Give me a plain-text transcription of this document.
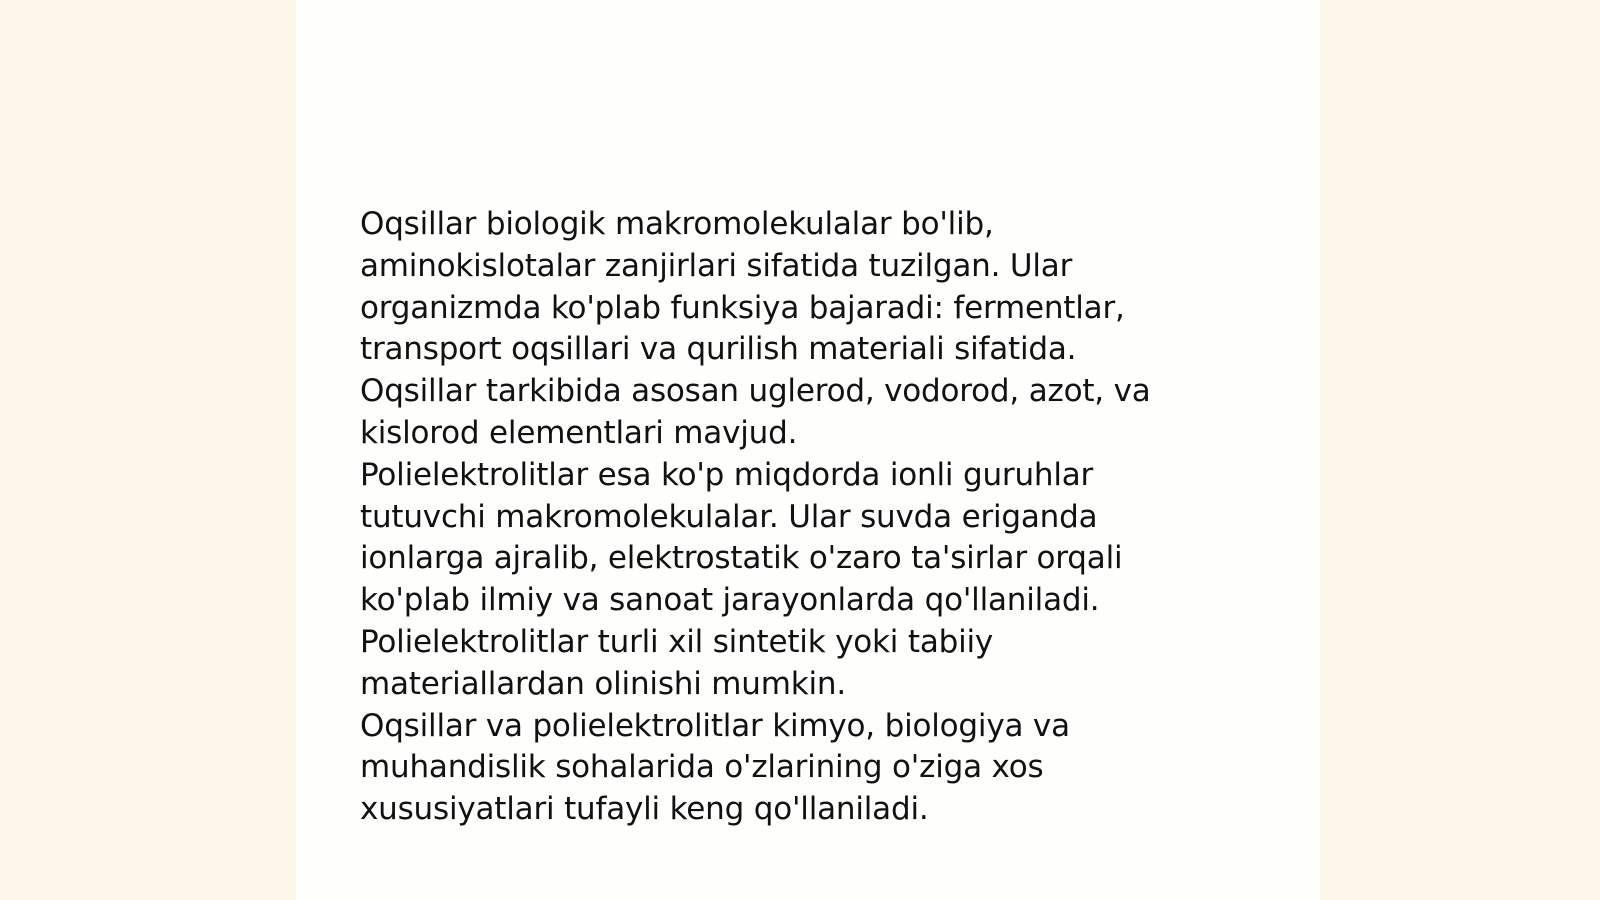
Oqsillar biologik makromolekulalar bo'lib,

aminokislotalar zanjirlari sifatida tuzilgan. Ular

organizmda ko'plab funksiya bajaradi: fermentlar,

transport oqsillari va qurilish materiali sifatida.

Oqsillar tarkibida asosan uglerod, vodorod, azot, va

kislorod elementlari mavjud.

Polielektrolitlar esa ko'p miqdorda ionli guruhlar

tutuvchi makromolekulalar. Ular suvda eriganda

ionlarga ajralib, elektrostatik o'zaro ta'sirlar orqali

ko'plab ilmiy va sanoat jarayonlarda qo'llaniladi.

Polielektrolitlar turli xil sintetik yoki tabiiy

materiallardan olinishi mumkin.

Oqsillar va polielektrolitlar kimyo, biologiya va

muhandislik sohalarida o'zlarining o'ziga xos

xususiyatlari tufayli keng qo'llaniladi.
